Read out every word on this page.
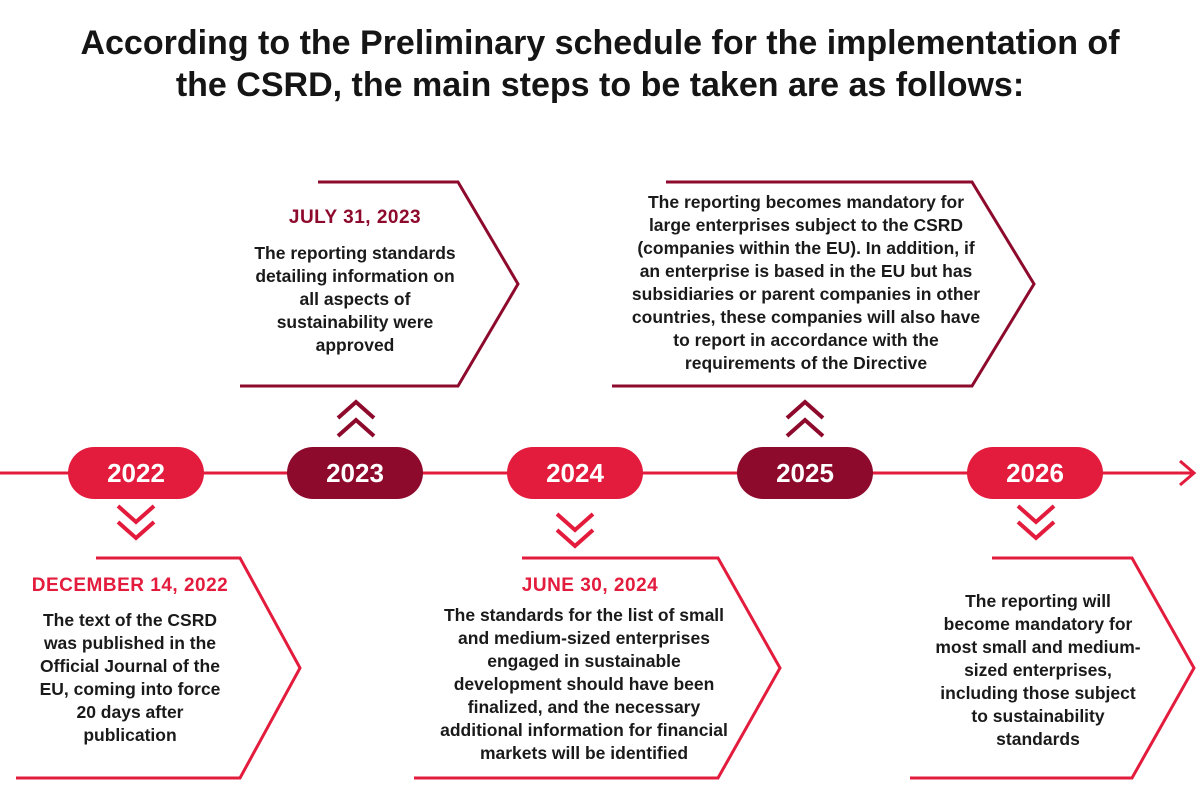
According to the Preliminary schedule for the implementation of
the CSRD, the main steps to be taken are as follows:
2022	2023	2024	2025	2026
DECEMBER 14, 2022
The text of the CSRD
was published in the
Official Journal of the
EU, coming into force
20 days after
publication
JULY 31, 2023
The reporting standards
detailing information on
all aspects of
sustainability were
approved
JUNE 30, 2024
The standards for the list of small
and medium-sized enterprises
engaged in sustainable
development should have been
finalized, and the necessary
additional information for financial
markets will be identified
The reporting becomes mandatory for
large enterprises subject to the CSRD
(companies within the EU). In addition, if
an enterprise is based in the EU but has
subsidiaries or parent companies in other
countries, these companies will also have
to report in accordance with the
requirements of the Directive
The reporting will
become mandatory for
most small and medium-
sized enterprises,
including those subject
to sustainability
standards
